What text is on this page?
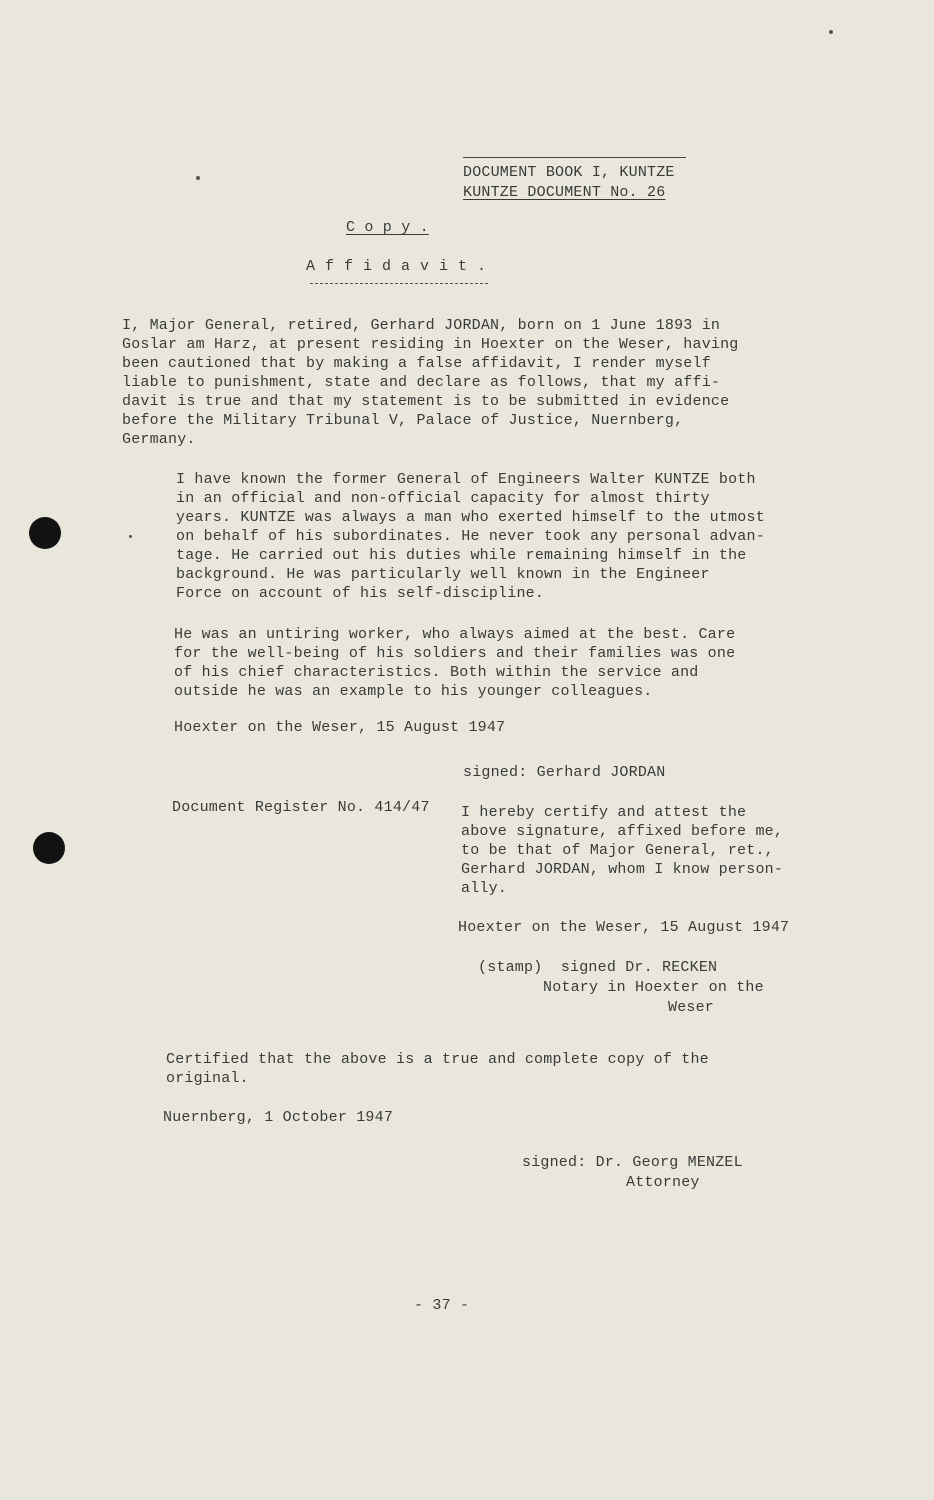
DOCUMENT BOOK I, KUNTZE
KUNTZE DOCUMENT No. 26
C o p y .
A f f i d a v i t .
I, Major General, retired, Gerhard JORDAN, born on 1 June 1893 in
Goslar am Harz, at present residing in Hoexter on the Weser, having
been cautioned that by making a false affidavit, I render myself
liable to punishment, state and declare as follows, that my affi-
davit is true and that my statement is to be submitted in evidence
before the Military Tribunal V, Palace of Justice, Nuernberg,
Germany.
I have known the former General of Engineers Walter KUNTZE both
in an official and non-official capacity for almost thirty
years. KUNTZE was always a man who exerted himself to the utmost
on behalf of his subordinates. He never took any personal advan-
tage. He carried out his duties while remaining himself in the
background. He was particularly well known in the Engineer
Force on account of his self-discipline.
He was an untiring worker, who always aimed at the best. Care
for the well-being of his soldiers and their families was one
of his chief characteristics. Both within the service and
outside he was an example to his younger colleagues.
Hoexter on the Weser, 15 August 1947
signed: Gerhard JORDAN
Document Register No. 414/47 I hereby certify and attest the
above signature, affixed before me,
to be that of Major General, ret.,
Gerhard JORDAN, whom I know person-
ally.
Hoexter on the Weser, 15 August 1947
(stamp)  signed Dr. RECKEN
Notary in Hoexter on the
Weser
Certified that the above is a true and complete copy of the
original.
Nuernberg, 1 October 1947
signed: Dr. Georg MENZEL
Attorney
- 37 -
